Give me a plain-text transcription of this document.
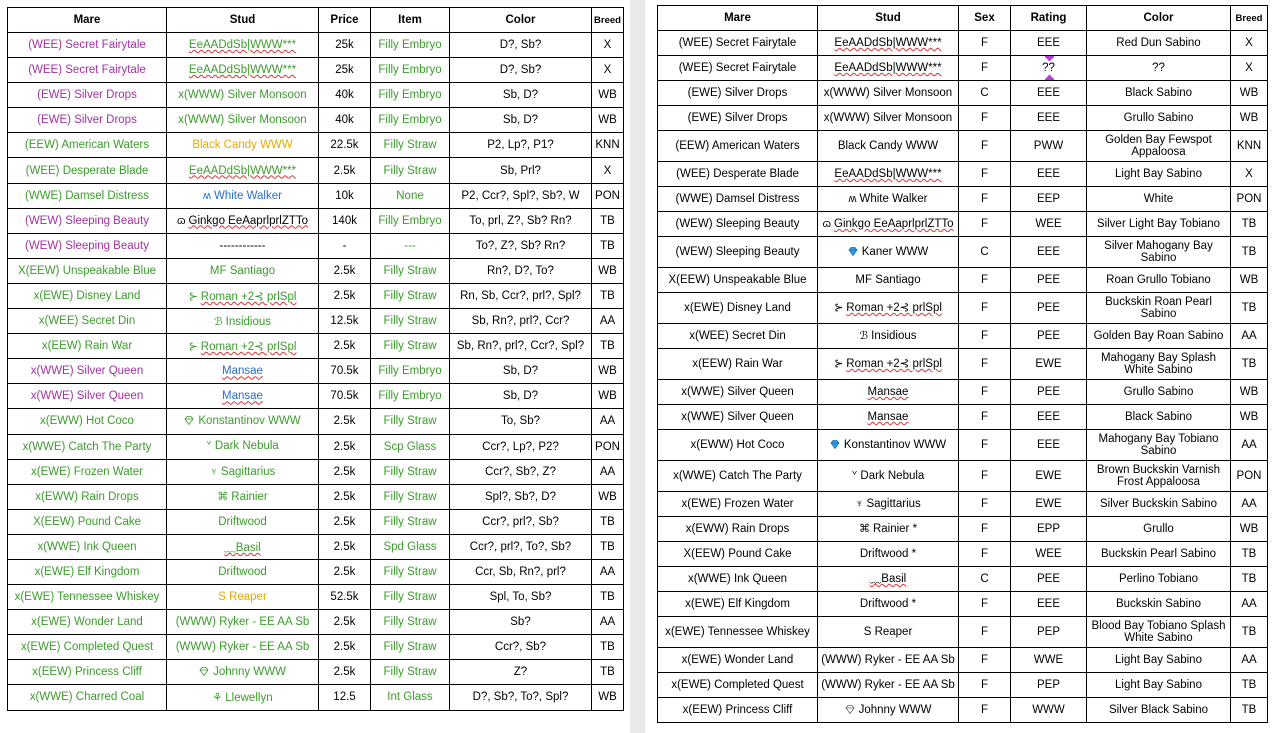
Mare	Stud	Price	Item	Color	Breed
(WEE) Secret Fairytale	EeAADdSb|WWW***	25k	Filly Embryo	D?, Sb?	X
(WEE) Secret Fairytale	EeAADdSb|WWW***	25k	Filly Embryo	D?, Sb?	X
(EWE) Silver Drops	x(WWW) Silver Monsoon	40k	Filly Embryo	Sb, D?	WB
(EWE) Silver Drops	x(WWW) Silver Monsoon	40k	Filly Embryo	Sb, D?	WB
(EEW) American Waters	Black Candy WWW	22.5k	Filly Straw	P2, Lp?, P1?	KNN
(WEE) Desperate Blade	EeAADdSb|WWW***	2.5k	Filly Straw	Sb, Prl?	X
(WWE) Damsel Distress	ʍ White Walker	10k	None	P2, Ccr?, Spl?, Sb?, W	PON
(WEW) Sleeping Beauty	ɷ Ginkgo EeAaprlprlZTTo	140k	Filly Embryo	To, prl, Z?, Sb? Rn?	TB
(WEW) Sleeping Beauty	------------	-	---	To?, Z?, Sb? Rn?	TB
X(EEW) Unspeakable Blue	MF Santiago	2.5k	Filly Straw	Rn?, D?, To?	WB
x(EWE) Disney Land	⊱ Roman +2⊰ prlSpl	2.5k	Filly Straw	Rn, Sb, Ccr?, prl?, Spl?	TB
x(WEE) Secret Din	ℬ Insidious	12.5k	Filly Straw	Sb, Rn?, prl?, Ccr?	AA
x(EEW) Rain War	⊱ Roman +2⊰ prlSpl	2.5k	Filly Straw	Sb, Rn?, prl?, Ccr?, Spl?	TB
x(WWE) Silver Queen	Mansae	70.5k	Filly Embryo	Sb, D?	WB
x(WWE) Silver Queen	Mansae	70.5k	Filly Embryo	Sb, D?	WB
x(EWW) Hot Coco	Konstantinov WWW	2.5k	Filly Straw	To, Sb?	AA
x(WWE) Catch The Party	ᘁ Dark Nebula	2.5k	Scp Glass	Ccr?, Lp?, P2?	PON
x(EWE) Frozen Water	♆ Sagittarius	2.5k	Filly Straw	Ccr?, Sb?, Z?	AA
x(EWW) Rain Drops	⌘ Rainier	2.5k	Filly Straw	Spl?, Sb?, D?	WB
X(EEW) Pound Cake	Driftwood	2.5k	Filly Straw	Ccr?, prl?, Sb?	TB
x(WWE) Ink Queen	﹏Basil	2.5k	Spd Glass	Ccr?, prl?, To?, Sb?	TB
x(EWE) Elf Kingdom	Driftwood	2.5k	Filly Straw	Ccr, Sb, Rn?, prl?	AA
x(EWE) Tennessee Whiskey	S Reaper	52.5k	Filly Straw	Spl, To, Sb?	TB
x(EWE) Wonder Land	(WWW) Ryker - EE AA Sb	2.5k	Filly Straw	Sb?	AA
x(EWE) Completed Quest	(WWW) Ryker - EE AA Sb	2.5k	Filly Straw	Ccr?, Sb?	TB
x(EEW) Princess Cliff	Johnny WWW	2.5k	Filly Straw	Z?	TB
x(WWE) Charred Coal	⚘ Llewellyn	12.5	Int Glass	D?, Sb?, To?, Spl?	WB
Mare	Stud	Sex	Rating	Color	Breed
(WEE) Secret Fairytale	EeAADdSb|WWW***	F	EEE	Red Dun Sabino	X
(WEE) Secret Fairytale	EeAADdSb|WWW***	F	??	??	X
(EWE) Silver Drops	x(WWW) Silver Monsoon	C	EEE	Black Sabino	WB
(EWE) Silver Drops	x(WWW) Silver Monsoon	F	EEE	Grullo Sabino	WB
(EEW) American Waters	Black Candy WWW	F	PWW	Golden Bay Fewspot Appaloosa	KNN
(WEE) Desperate Blade	EeAADdSb|WWW***	F	EEE	Light Bay Sabino	X
(WWE) Damsel Distress	ʍ White Walker	F	EEP	White	PON
(WEW) Sleeping Beauty	ɷ Ginkgo EeAaprlprlZTTo	F	WEE	Silver Light Bay Tobiano	TB
(WEW) Sleeping Beauty	Kaner WWW	C	EEE	Silver Mahogany Bay Sabino	TB
X(EEW) Unspeakable Blue	MF Santiago	F	PEE	Roan Grullo Tobiano	WB
x(EWE) Disney Land	⊱ Roman +2⊰ prlSpl	F	PEE	Buckskin Roan Pearl Sabino	TB
x(WEE) Secret Din	ℬ Insidious	F	PEE	Golden Bay Roan Sabino	AA
x(EEW) Rain War	⊱ Roman +2⊰ prlSpl	F	EWE	Mahogany Bay Splash White Sabino	TB
x(WWE) Silver Queen	Mansae	F	PEE	Grullo Sabino	WB
x(WWE) Silver Queen	Mansae	F	EEE	Black Sabino	WB
x(EWW) Hot Coco	Konstantinov WWW	F	EEE	Mahogany Bay Tobiano Sabino	AA
x(WWE) Catch The Party	ᘁ Dark Nebula	F	EWE	Brown Buckskin Varnish Frost Appaloosa	PON
x(EWE) Frozen Water	♆ Sagittarius	F	EWE	Silver Buckskin Sabino	AA
x(EWW) Rain Drops	⌘ Rainier *	F	EPP	Grullo	WB
X(EEW) Pound Cake	Driftwood *	F	WEE	Buckskin Pearl Sabino	TB
x(WWE) Ink Queen	﹏Basil	C	PEE	Perlino Tobiano	TB
x(EWE) Elf Kingdom	Driftwood *	F	EEE	Buckskin Sabino	AA
x(EWE) Tennessee Whiskey	S Reaper	F	PEP	Blood Bay Tobiano Splash White Sabino	TB
x(EWE) Wonder Land	(WWW) Ryker - EE AA Sb	F	WWE	Light Bay Sabino	AA
x(EWE) Completed Quest	(WWW) Ryker - EE AA Sb	F	PEP	Light Bay Sabino	TB
x(EEW) Princess Cliff	Johnny WWW	F	WWW	Silver Black Sabino	TB
